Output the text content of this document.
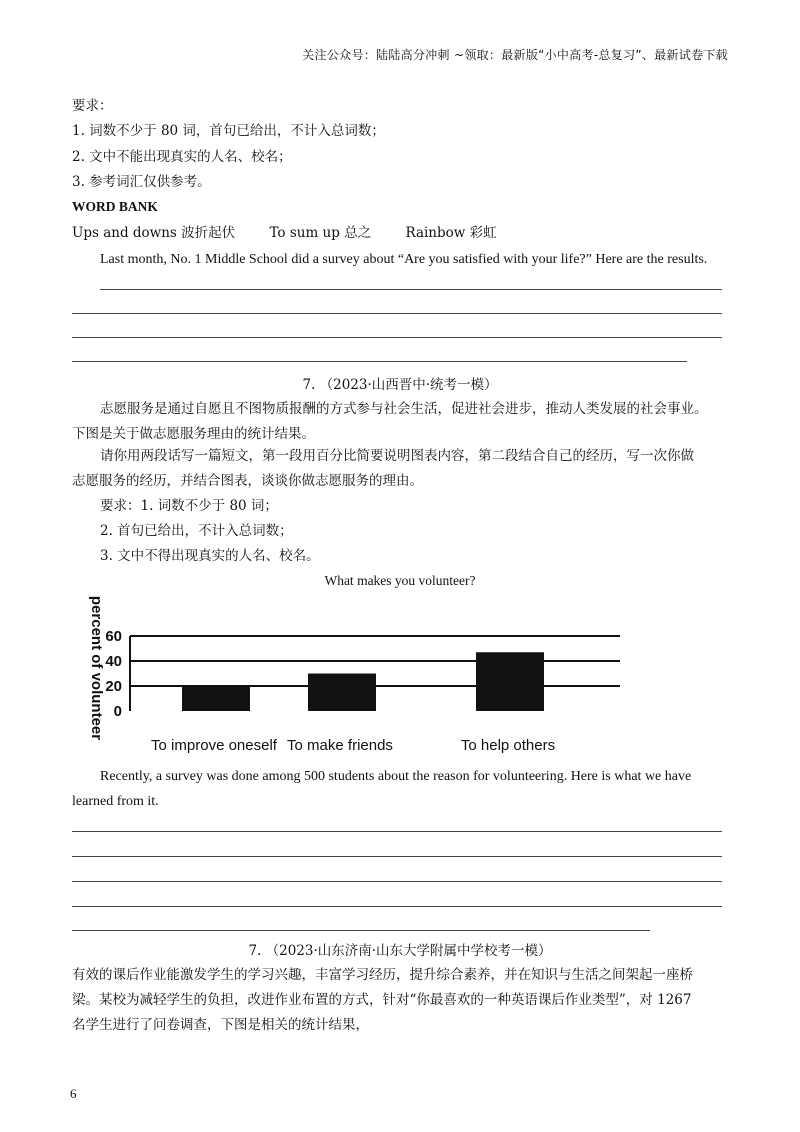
关注公众号：陆陆高分冲刺 ~领取：最新版“小中高考-总复习”、最新试卷下载
要求：
1. 词数不少于 80 词，首句已给出，不计入总词数；
2. 文中不能出现真实的人名、校名；
3. 参考词汇仅供参考。
WORD BANK
Ups and downs 波折起伏	To sum up 总之	Rainbow 彩虹
Last month, No. 1 Middle School did a survey about “Are you satisfied with your life?” Here are the results.
7. （2023·山西晋中·统考一模）
志愿服务是通过自愿且不图物质报酬的方式参与社会生活，促进社会进步，推动人类发展的社会事业。
下图是关于做志愿服务理由的统计结果。
请你用两段话写一篇短文，第一段用百分比简要说明图表内容，第二段结合自己的经历，写一次你做
志愿服务的经历，并结合图表，谈谈你做志愿服务的理由。
要求：1. 词数不少于 80 词；
2. 首句已给出，不计入总词数；
3. 文中不得出现真实的人名、校名。
What makes you volunteer?
0
20
40
60
To improve oneself To make friends	To help others
percent of volunteer
Recently, a survey was done among 500 students about the reason for volunteering. Here is what we have
learned from it.
7. （2023·山东济南·山东大学附属中学校考一模）
有效的课后作业能激发学生的学习兴趣，丰富学习经历，提升综合素养，并在知识与生活之间架起一座桥
梁。某校为减轻学生的负担，改进作业布置的方式，针对“你最喜欢的一种英语课后作业类型”，对 1267
名学生进行了问卷调查，下图是相关的统计结果，
6
